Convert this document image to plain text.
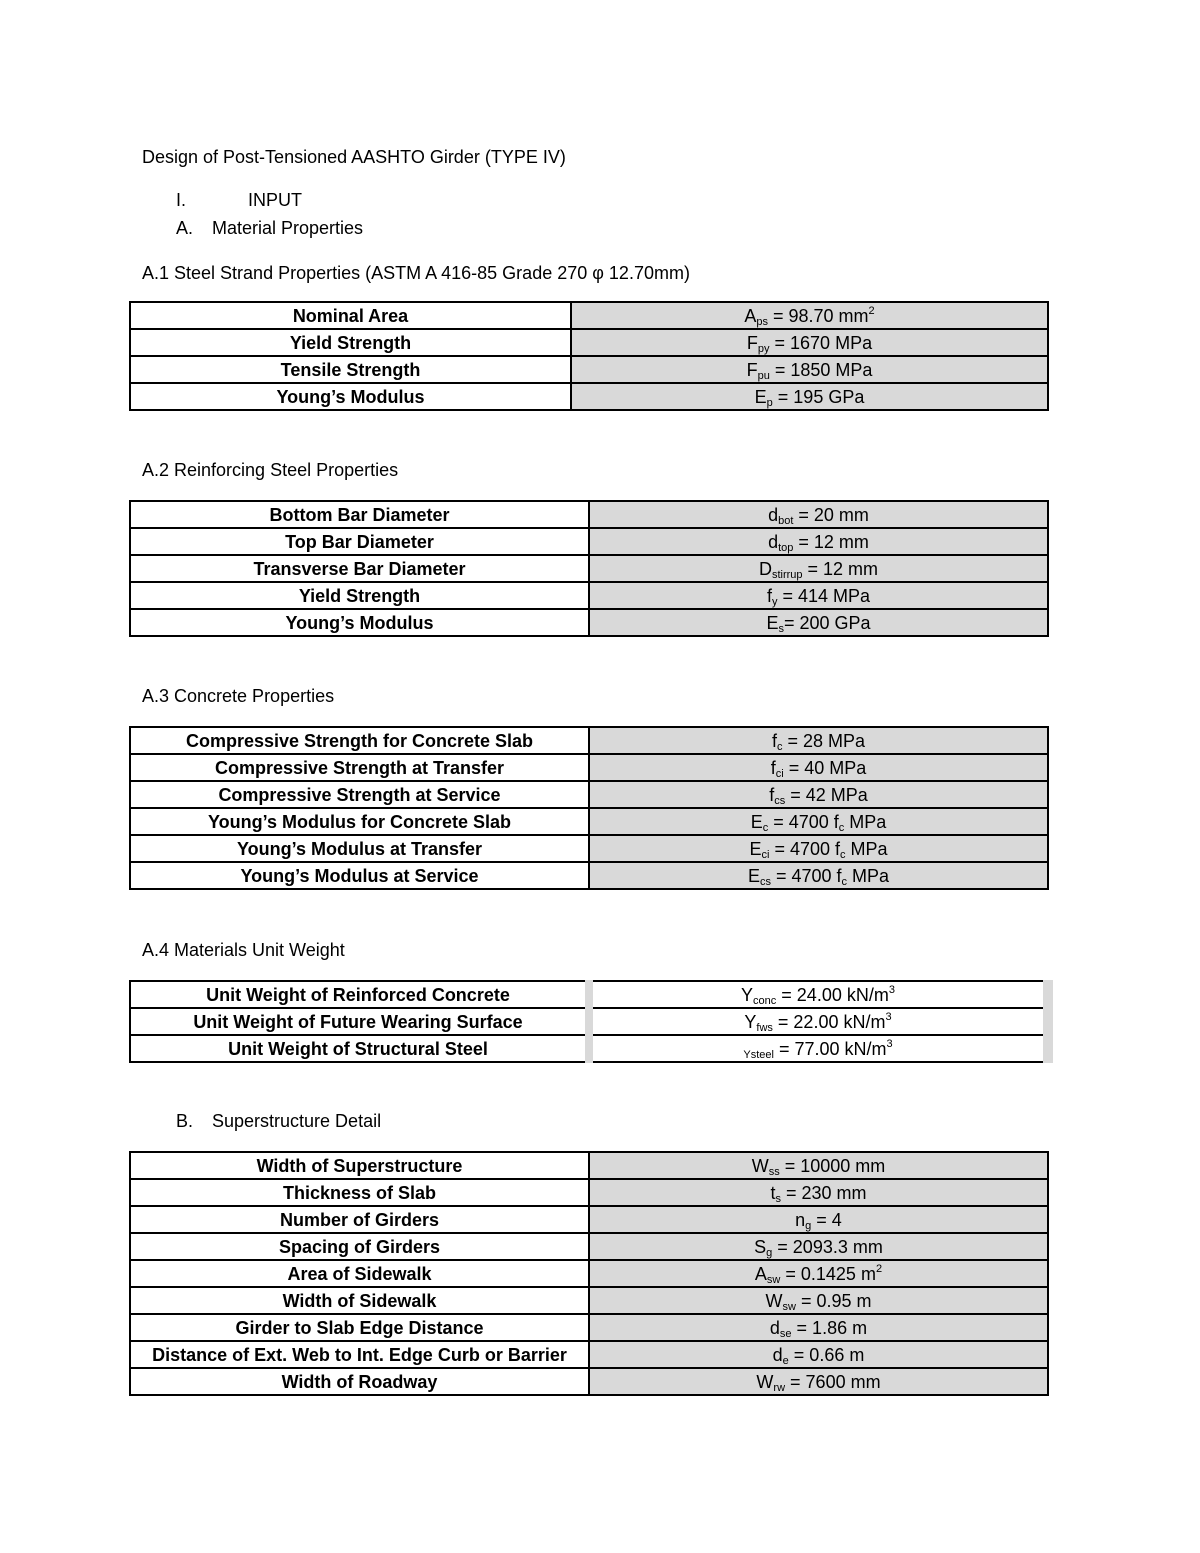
Design of Post-Tensioned AASHTO Girder (TYPE IV)
I.	INPUT
A. Material Properties
A.1 Steel Strand Properties (ASTM A 416-85 Grade 270 φ 12.70mm)
Nominal Area	$A_{ps} = 98.70$ $mm^2$
Yield Strength	$F_{py} = 1670$ MPa
Tensile Strength	$F_{pu} = 1850$ MPa
Young’s Modulus	$E_p = 195$ GPa
A.2 Reinforcing Steel Properties
Bottom Bar Diameter	$d_{bot} = 20$ mm
Top Bar Diameter	$d_{top} = 12$ mm
Transverse Bar Diameter	$D_{stirrup} = 12$ mm
Yield Strength	$f_y = 414$ MPa
Young’s Modulus	$E_s= 200$ GPa
A.3 Concrete Properties
Compressive Strength for Concrete Slab	$f_c = 28$ MPa
Compressive Strength at Transfer	$f_{ci} = 40$ MPa
Compressive Strength at Service	$f_{cs} = 42$ MPa
Young’s Modulus for Concrete Slab	$E_c = 4700$ $f_c$ MPa
Young’s Modulus at Transfer	$E_{ci} = 4700$ $f_c$ MPa
Young’s Modulus at Service	$E_{cs} = 4700$ $f_c$ MPa
A.4 Materials Unit Weight
Unit Weight of Reinforced Concrete	$Y_{conc} = 24.00$ $kN/m^3$
Unit Weight of Future Wearing Surface	$Y_{fws} = 22.00$ $kN/m^3$
Unit Weight of Structural Steel	$_{Ysteel}$ = 77.00 $kN/m^3$
B. Superstructure Detail
Width of Superstructure	$W_{ss} = 10000$ mm
Thickness of Slab	$t_s = 230$ mm
Number of Girders	$n_g = 4$
Spacing of Girders	$S_g = 2093.3$ mm
Area of Sidewalk	$A_{sw} = 0.1425$ $m^2$
Width of Sidewalk	$W_{sw} = 0.95$ m
Girder to Slab Edge Distance	$d_{se} = 1.86$ m
Distance of Ext. Web to Int. Edge Curb or Barrier	$d_e = 0.66$ m
Width of Roadway	$W_{rw} = 7600$ mm
